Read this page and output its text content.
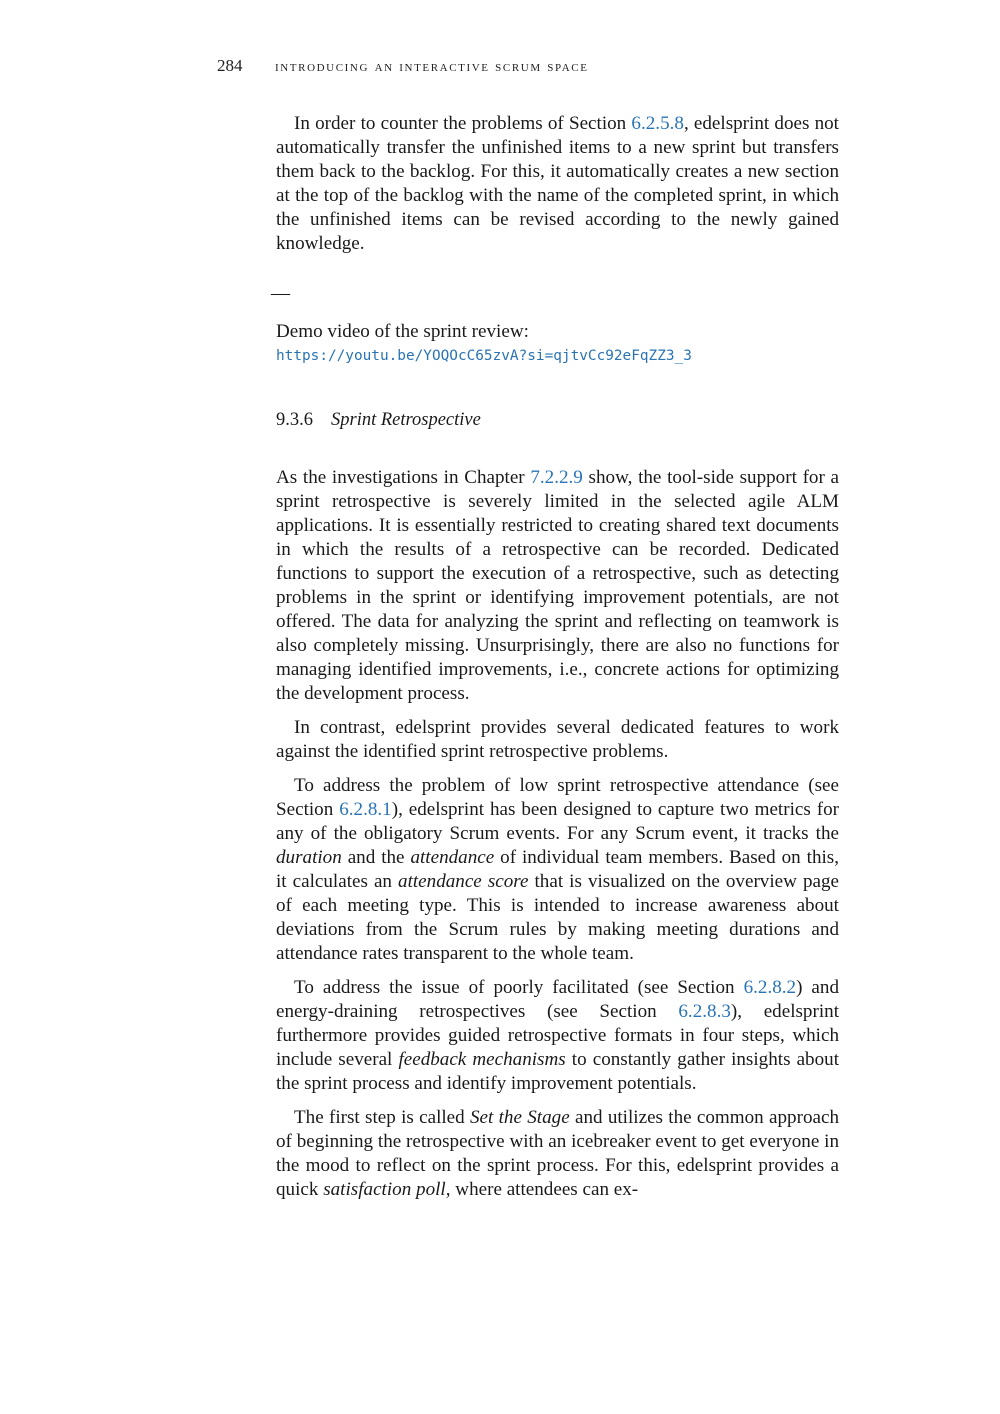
284 introducing an interactive scrum space

In order to counter the problems of Section 6.2.5.8, edelsprint does not automatically transfer the unfinished items to a new sprint but transfers them back to the backlog. For this, it automatically creates a new section at the top of the backlog with the name of the completed sprint, in which the unfinished items can be revised according to the newly gained knowledge.

—
Demo video of the sprint review:
https://youtu.be/YOQOcC65zvA?si=qjtvCc92eFqZZ3_3
9.3.6 Sprint Retrospective

As the investigations in Chapter 7.2.2.9 show, the tool-side support for a sprint retrospective is severely limited in the selected agile ALM applications. It is essentially restricted to creating shared text documents in which the results of a retrospective can be recorded. Dedicated functions to support the execution of a retrospective, such as detecting problems in the sprint or identifying improvement potentials, are not offered. The data for analyzing the sprint and reflecting on teamwork is also completely missing. Unsurprisingly, there are also no functions for managing identified improvements, i.e., concrete actions for optimizing the development process.

In contrast, edelsprint provides several dedicated features to work against the identified sprint retrospective problems.

To address the problem of low sprint retrospective attendance (see Section 6.2.8.1), edelsprint has been designed to capture two metrics for any of the obligatory Scrum events. For any Scrum event, it tracks the duration and the attendance of individual team members. Based on this, it calculates an attendance score that is visualized on the overview page of each meeting type. This is intended to increase awareness about deviations from the Scrum rules by making meeting durations and attendance rates transparent to the whole team.

To address the issue of poorly facilitated (see Section 6.2.8.2) and energy-draining retrospectives (see Section 6.2.8.3), edelsprint furthermore provides guided retrospective formats in four steps, which include several feedback mechanisms to constantly gather insights about the sprint process and identify improvement potentials.

The first step is called Set the Stage and utilizes the common approach of beginning the retrospective with an icebreaker event to get everyone in the mood to reflect on the sprint process. For this, edelsprint provides a quick satisfaction poll, where attendees can ex-
